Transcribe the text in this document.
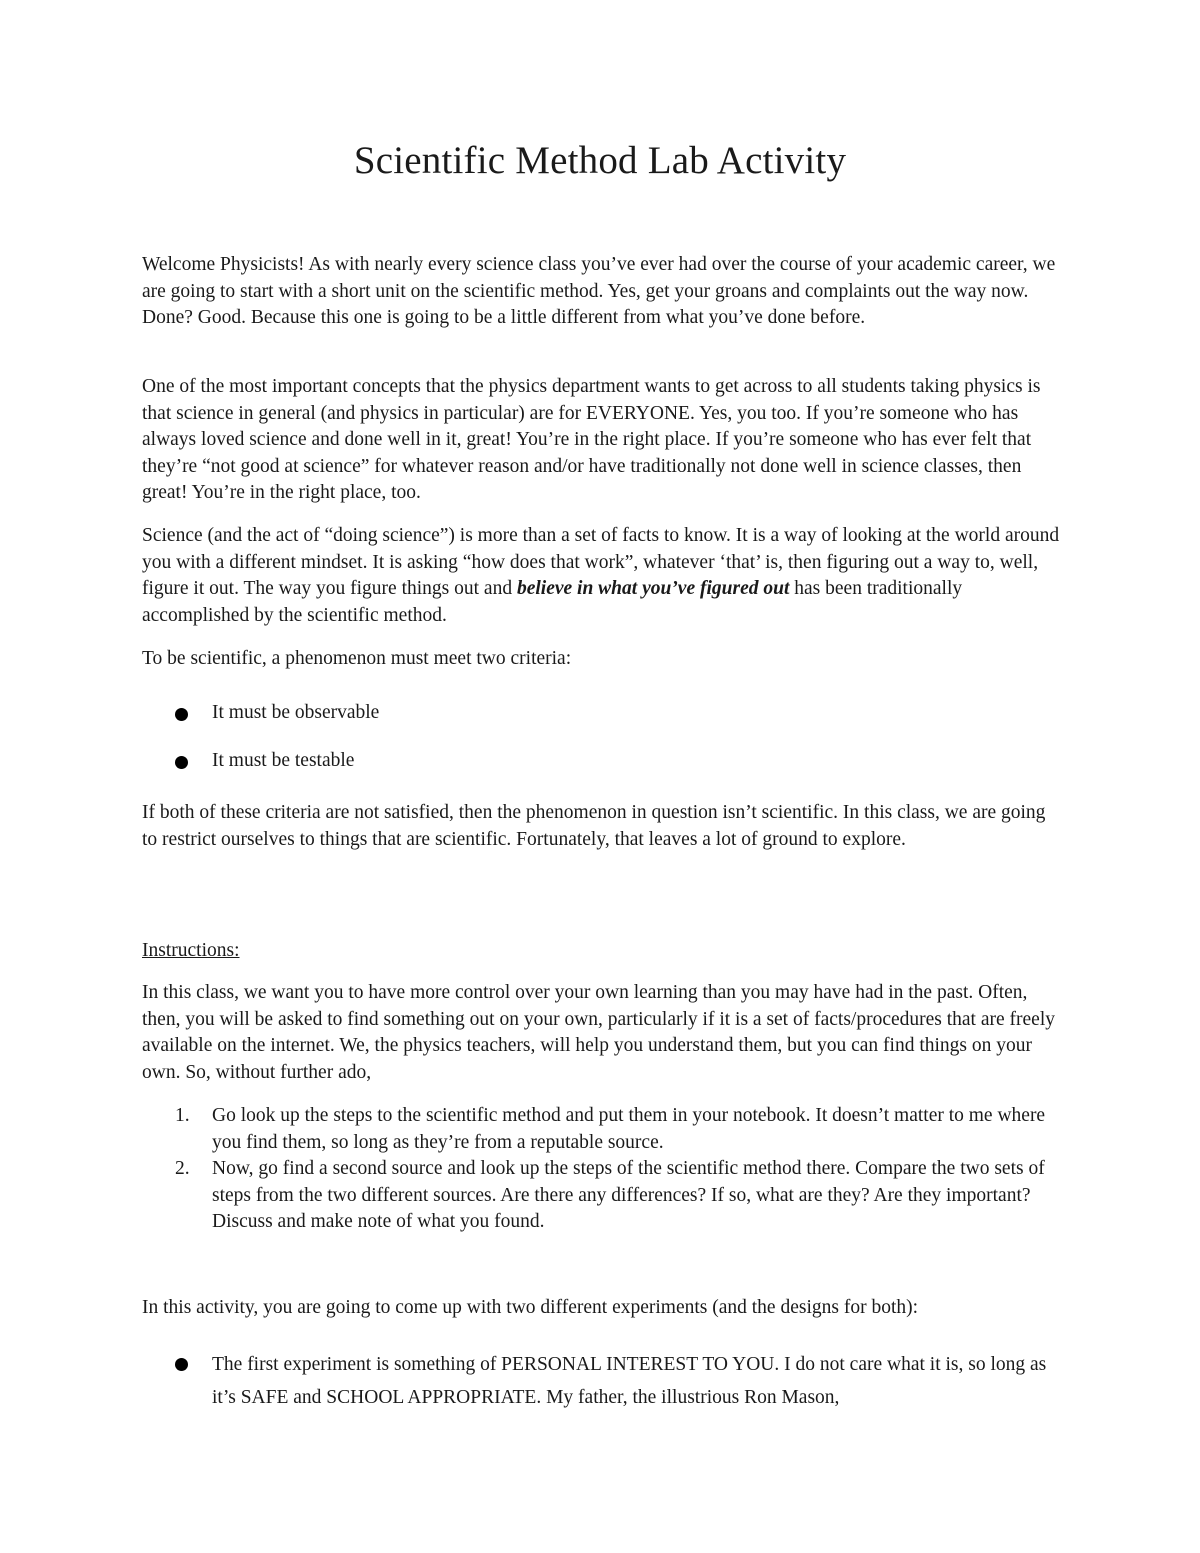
Scientific Method Lab Activity

Welcome Physicists! As with nearly every science class you’ve ever had over the course of your academic career, we are going to start with a short unit on the scientific method. Yes, get your groans and complaints out the way now. Done? Good. Because this one is going to be a little different from what you’ve done before.

One of the most important concepts that the physics department wants to get across to all students taking physics is that science in general (and physics in particular) are for EVERYONE. Yes, you too. If you’re someone who has always loved science and done well in it, great! You’re in the right place. If you’re someone who has ever felt that they’re “not good at science” for whatever reason and/or have traditionally not done well in science classes, then great! You’re in the right place, too.

Science (and the act of “doing science”) is more than a set of facts to know. It is a way of looking at the world around you with a different mindset. It is asking “how does that work”, whatever ‘that’ is, then figuring out a way to, well, figure it out. The way you figure things out and believe in what you’ve figured out has been traditionally accomplished by the scientific method.

To be scientific, a phenomenon must meet two criteria:

It must be observable
It must be testable

If both of these criteria are not satisfied, then the phenomenon in question isn’t scientific. In this class, we are going to restrict ourselves to things that are scientific. Fortunately, that leaves a lot of ground to explore.

Instructions:

In this class, we want you to have more control over your own learning than you may have had in the past. Often, then, you will be asked to find something out on your own, particularly if it is a set of facts/procedures that are freely available on the internet. We, the physics teachers, will help you understand them, but you can find things on your own. So, without further ado,

1.	Go look up the steps to the scientific method and put them in your notebook. It doesn’t matter to me where you find them, so long as they’re from a reputable source.
2.	Now, go find a second source and look up the steps of the scientific method there. Compare the two sets of steps from the two different sources. Are there any differences? If so, what are they? Are they important? Discuss and make note of what you found.

In this activity, you are going to come up with two different experiments (and the designs for both):

The first experiment is something of PERSONAL INTEREST TO YOU. I do not care what it is, so long as it’s SAFE and SCHOOL APPROPRIATE. My father, the illustrious Ron Mason,
